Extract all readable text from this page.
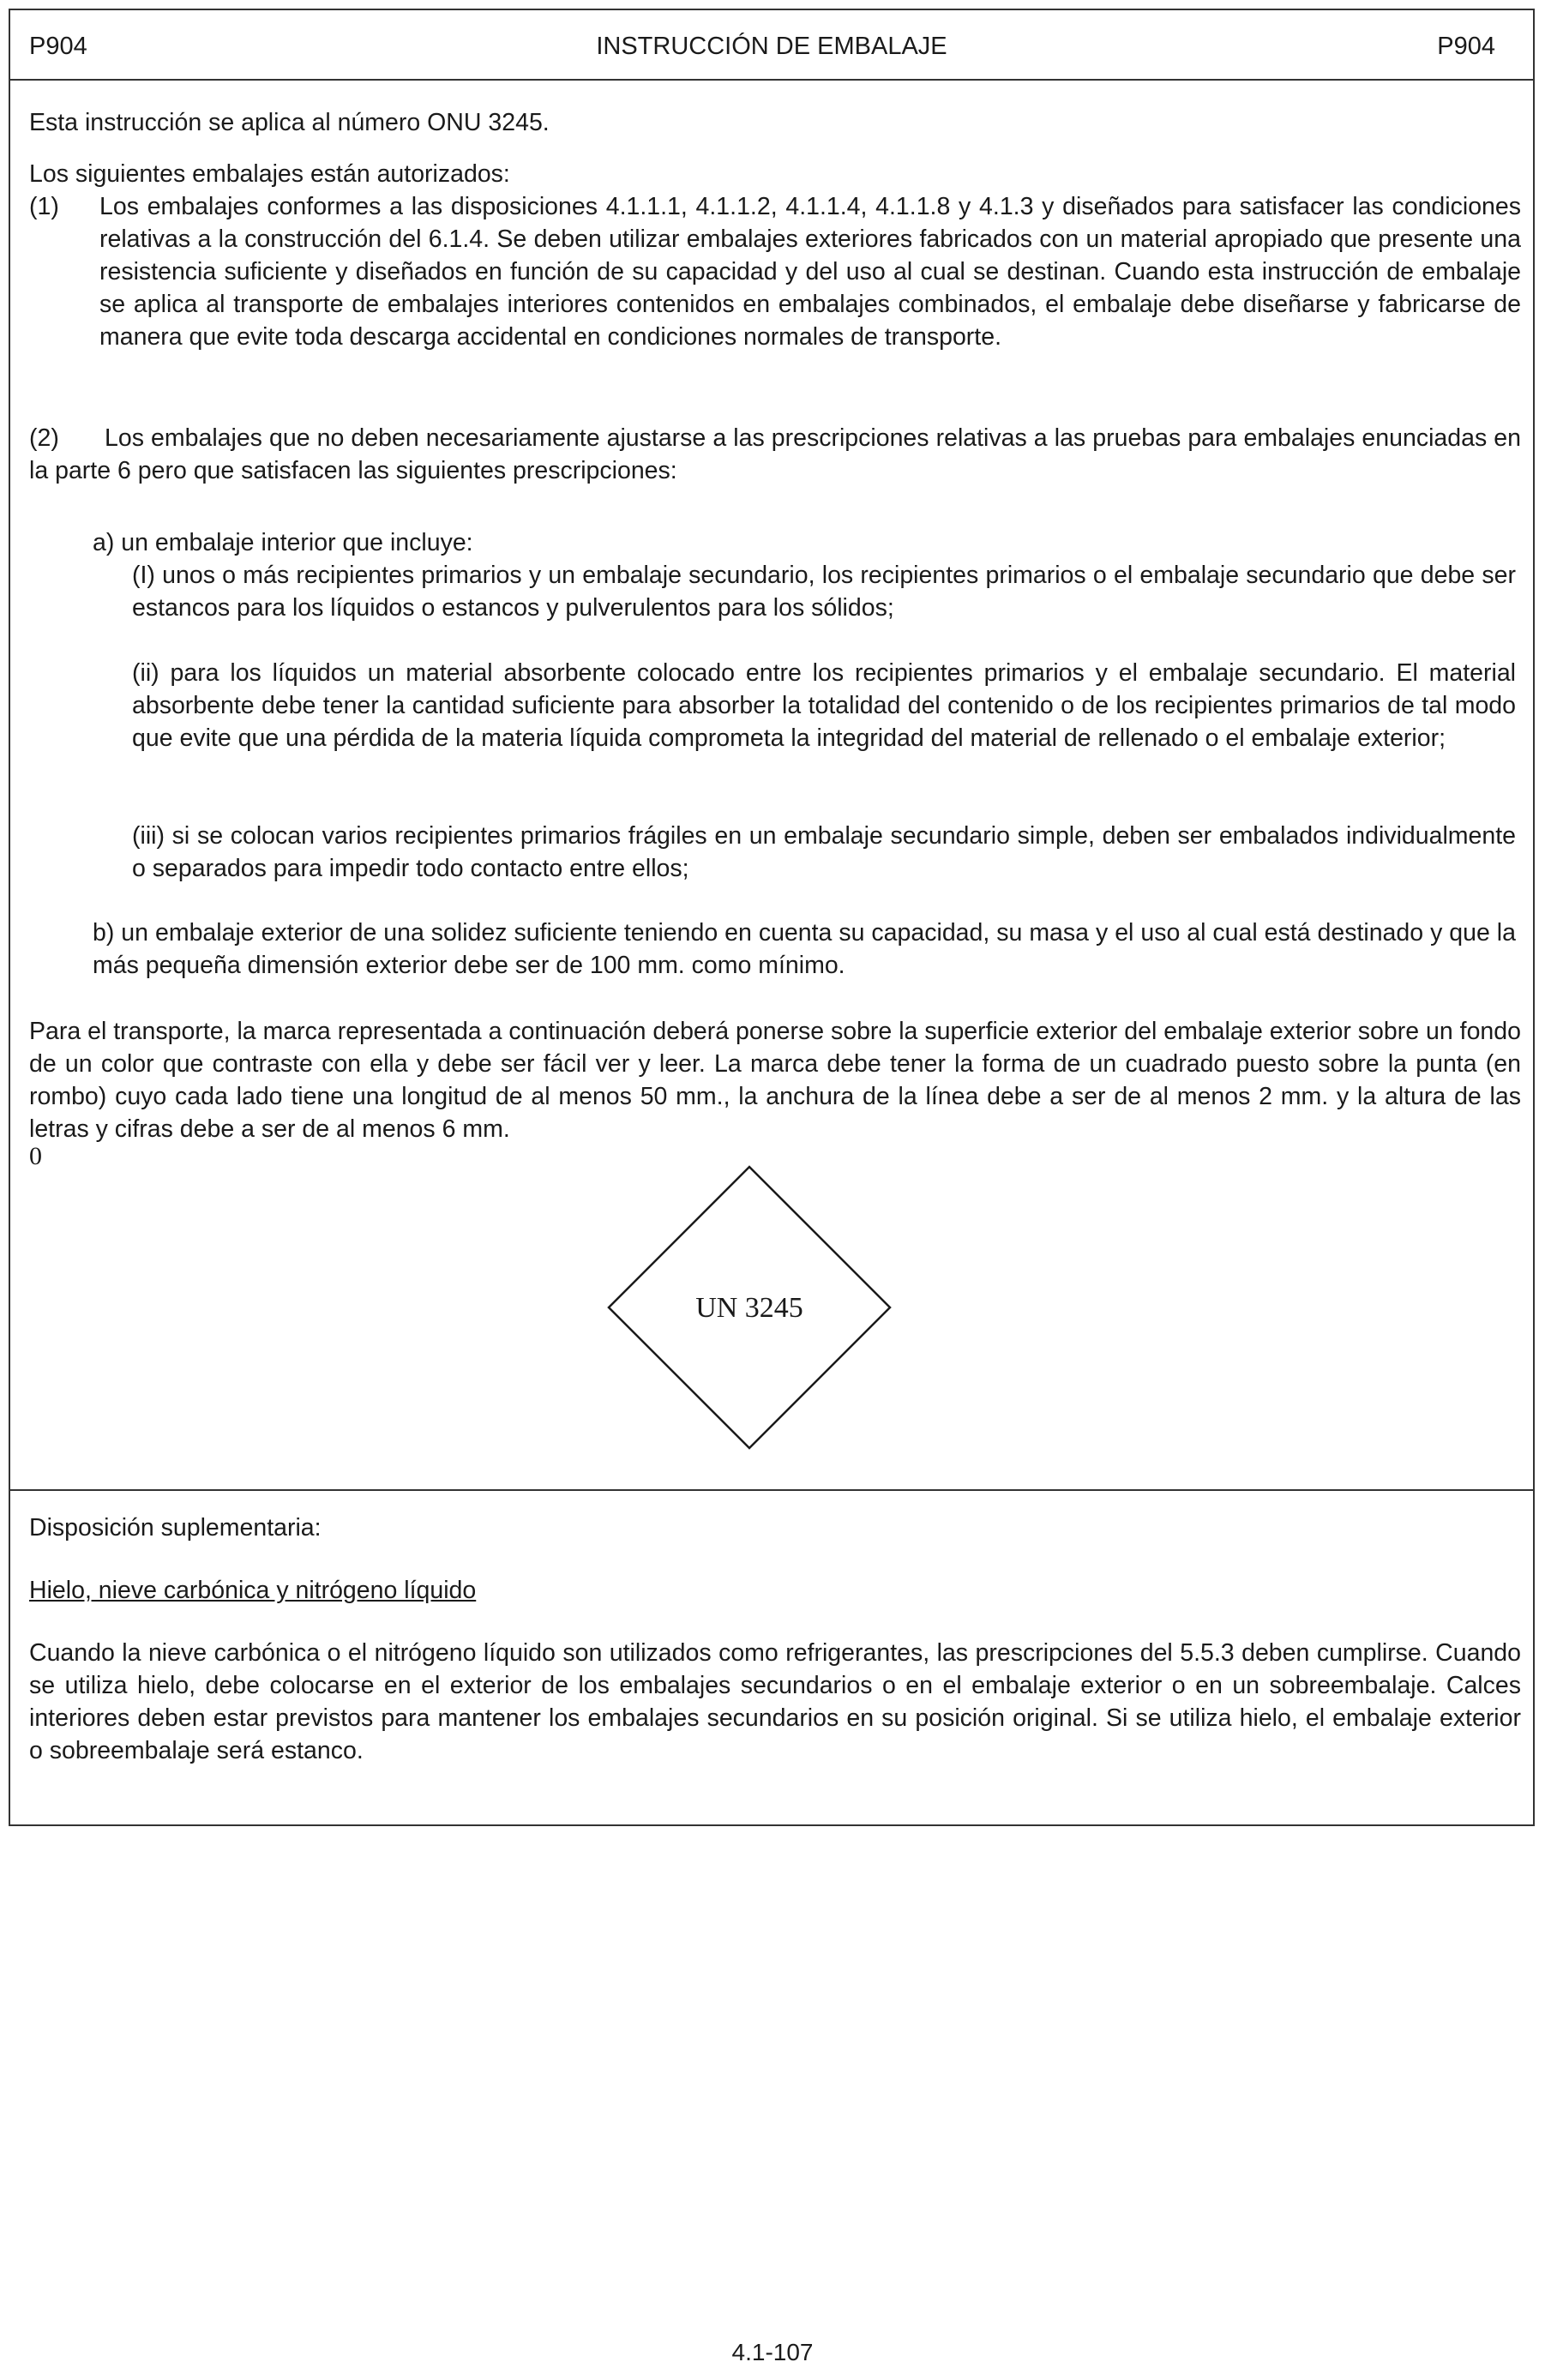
P904	INSTRUCCIÓN DE EMBALAJE	P904

Esta instrucción se aplica al número ONU 3245.

Los siguientes embalajes están autorizados:

(1) Los embalajes conformes a las disposiciones 4.1.1.1, 4.1.1.2, 4.1.1.4, 4.1.1.8 y 4.1.3 y diseñados para satisfacer las condiciones relativas a la construcción del 6.1.4. Se deben utilizar embalajes exteriores fabricados con un material apropiado que presente una resistencia suficiente y diseñados en función de su capacidad y del uso al cual se destinan. Cuando esta instrucción de embalaje se aplica al transporte de embalajes interiores contenidos en embalajes combinados, el embalaje debe diseñarse y fabricarse de manera que evite toda descarga accidental en condiciones normales de transporte.
(2)	Los embalajes que no deben necesariamente ajustarse a las prescripciones relativas a las pruebas para embalajes enunciadas en la parte 6 pero que satisfacen las siguientes prescripciones:
a) un embalaje interior que incluye:
(I) unos o más recipientes primarios y un embalaje secundario, los recipientes primarios o el embalaje secundario que debe ser estancos para los líquidos o estancos y pulverulentos para los sólidos;
(ii) para los líquidos un material absorbente colocado entre los recipientes primarios y el embalaje secundario. El material absorbente debe tener la cantidad suficiente para absorber la totalidad del contenido o de los recipientes primarios de tal modo que evite que una pérdida de la materia líquida comprometa la integridad del material de rellenado o el embalaje exterior;
(iii) si se colocan varios recipientes primarios frágiles en un embalaje secundario simple, deben ser embalados individualmente o separados para impedir todo contacto entre ellos;
b) un embalaje exterior de una solidez suficiente teniendo en cuenta su capacidad, su masa y el uso al cual está destinado y que la más pequeña dimensión exterior debe ser de 100 mm. como mínimo.
Para el transporte, la marca representada a continuación deberá ponerse sobre la superficie exterior del embalaje exterior sobre un fondo de un color que contraste con ella y debe ser fácil ver y leer. La marca debe tener la forma de un cuadrado puesto sobre la punta (en rombo) cuyo cada lado tiene una longitud de al menos 50 mm., la anchura de la línea debe a ser de al menos 2 mm. y la altura de las letras y cifras debe a ser de al menos 6 mm.
0
UN 3245

Disposición suplementaria:

Hielo, nieve carbónica y nitrógeno líquido

Cuando la nieve carbónica o el nitrógeno líquido son utilizados como refrigerantes, las prescripciones del 5.5.3 deben cumplirse. Cuando se utiliza hielo, debe colocarse en el exterior de los embalajes secundarios o en el embalaje exterior o en un sobreembalaje. Calces interiores deben estar previstos para mantener los embalajes secundarios en su posición original. Si se utiliza hielo, el embalaje exterior o sobreembalaje será estanco.

4.1-107
